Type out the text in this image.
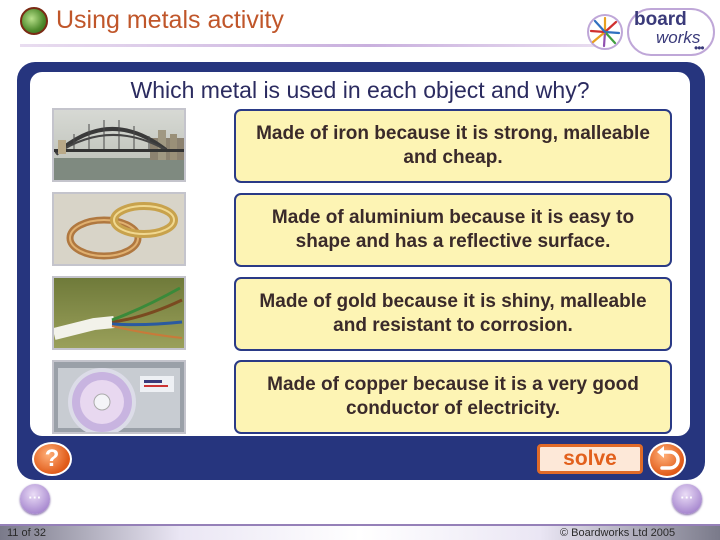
Using metals activity	board
works
•••
Which metal is used in each object and why?
Made of iron because it is strong, malleable and cheap.
Made of aluminium because it is easy to shape and has a reflective surface.
Made of gold because it is shiny, malleable and resistant to corrosion.
Made of copper because it is a very good conductor of electricity.
?	solve
···	···
11 of 32	© Boardworks Ltd 2005
